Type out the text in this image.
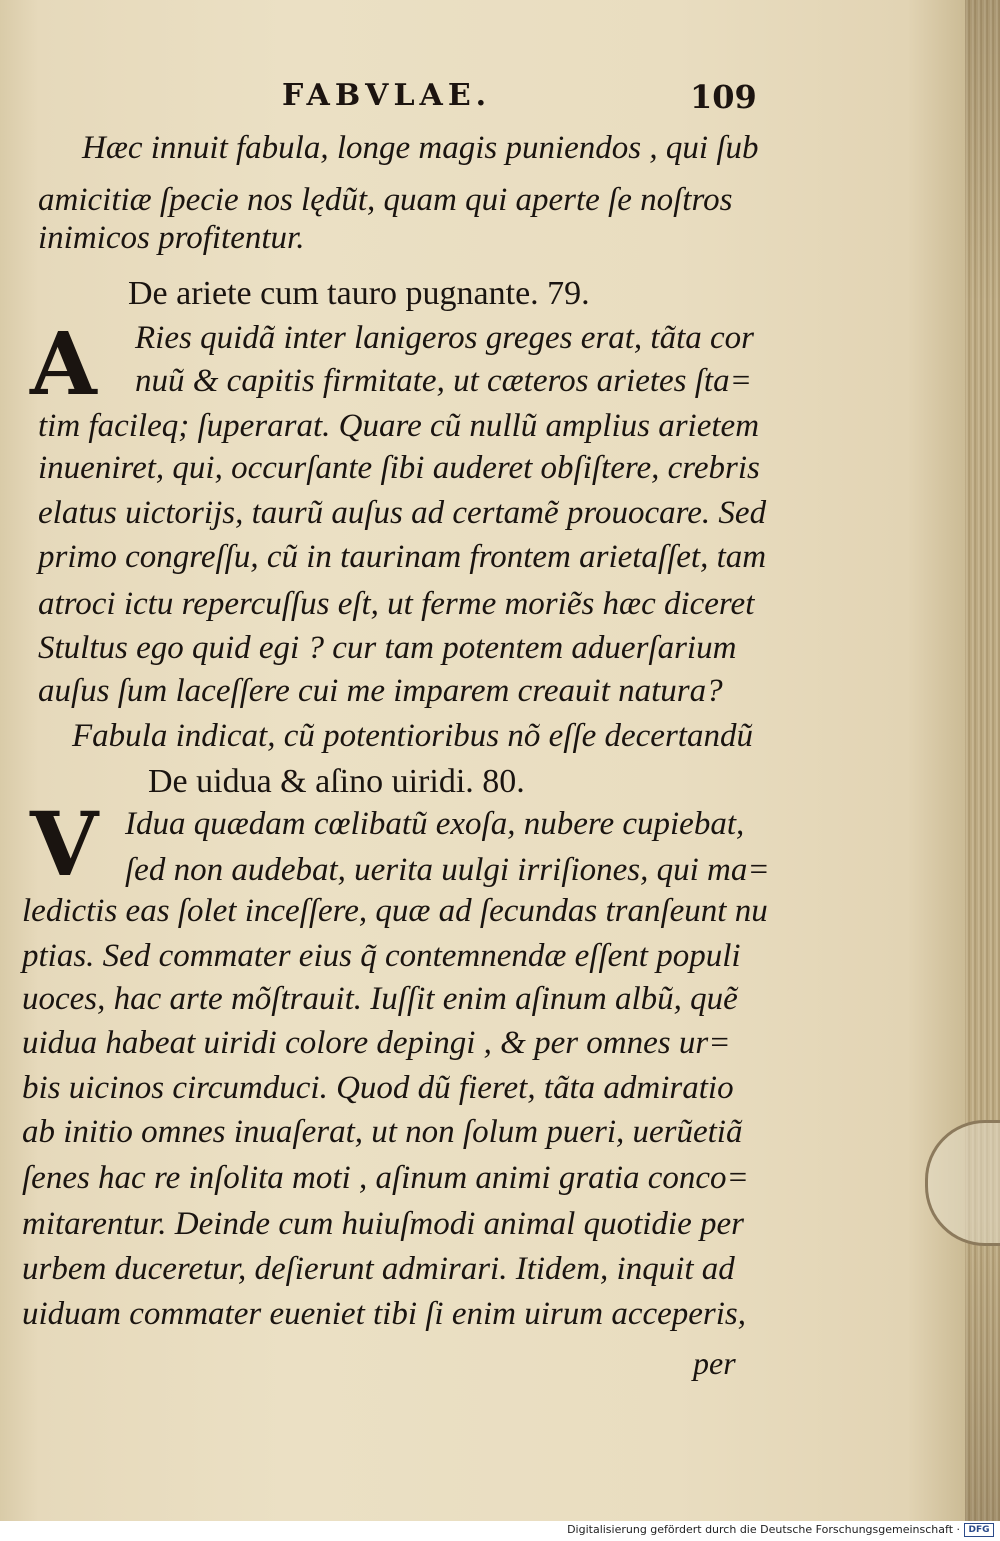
FABVLAE.	109
Hæc innuit fabula, longe magis puniendos , qui ſub
amicitiæ ſpecie nos lędũt, quam qui aperte ſe noſtros
inimicos profitentur.
De ariete cum tauro pugnante. 79.
A Ries quidã inter lanigeros greges erat, tãta cor
nuũ & capitis firmitate, ut cæteros arietes ſta=
tim facileq; ſuperarat. Quare cũ nullũ amplius arietem
inueniret, qui, occurſante ſibi auderet obſiſtere, crebris
elatus uictorijs, taurũ auſus ad certamẽ prouocare. Sed
primo congreſſu, cũ in taurinam frontem arietaſſet, tam
atroci ictu repercuſſus eſt, ut ferme moriẽs hæc diceret
Stultus ego quid egi ? cur tam potentem aduerſarium
auſus ſum laceſſere cui me imparem creauit natura?
Fabula indicat, cũ potentioribus nõ eſſe decertandũ
De uidua & aſino uiridi. 80.
V Idua quædam cœlibatũ exoſa, nubere cupiebat,
ſed non audebat, uerita uulgi irriſiones, qui ma=
ledictis eas ſolet inceſſere, quæ ad ſecundas tranſeunt nu
ptias. Sed commater eius q̃ contemnendæ eſſent populi
uoces, hac arte mõſtrauit. Iuſſit enim aſinum albũ, quẽ
uidua habeat uiridi colore depingi , & per omnes ur=
bis uicinos circumduci. Quod dũ fieret, tãta admiratio
ab initio omnes inuaſerat, ut non ſolum pueri, uerũetiã
ſenes hac re inſolita moti , aſinum animi gratia conco=
mitarentur. Deinde cum huiuſmodi animal quotidie per
urbem duceretur, deſierunt admirari. Itidem, inquit ad
uiduam commater eueniet tibi ſi enim uirum acceperis,
per
Digitalisierung gefördert durch die Deutsche Forschungsgemeinschaft · DFG
